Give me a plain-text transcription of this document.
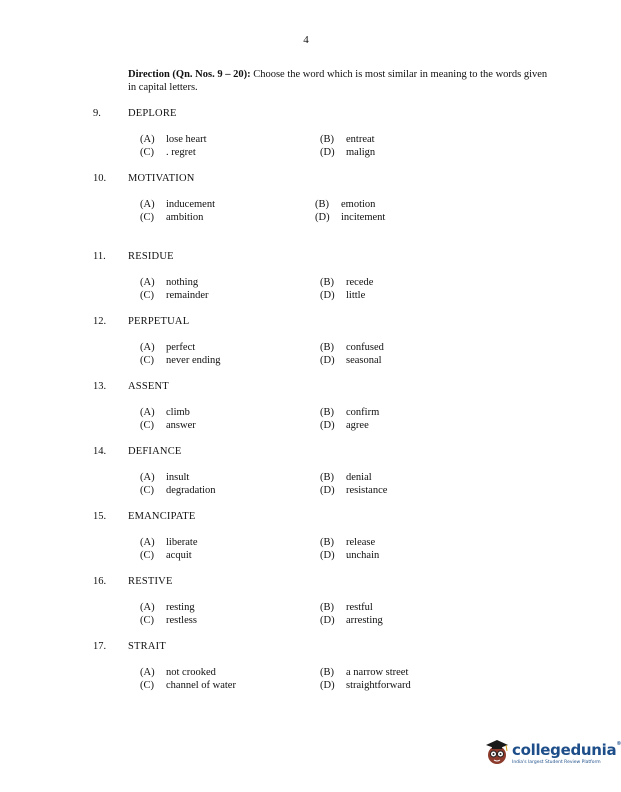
4
Direction (Qn. Nos. 9 – 20): Choose the word which is most similar in meaning to the words given in capital letters.
9.	DEPLORE
(A) lose heart	(B) entreat
(C) . regret	(D) malign
10. MOTIVATION
(A) inducement	(B) emotion
(C) ambition	(D) incitement
11. RESIDUE
(A) nothing	(B) recede
(C) remainder	(D) little
12. PERPETUAL
(A) perfect	(B) confused
(C) never ending	(D) seasonal
13. ASSENT
(A) climb	(B) confirm
(C) answer	(D) agree
14. DEFIANCE
(A) insult	(B) denial
(C) degradation	(D) resistance
15. EMANCIPATE
(A) liberate	(B) release
(C) acquit	(D) unchain
16. RESTIVE
(A) resting	(B) restful
(C) restless	(D) arresting
17. STRAIT
(A) not crooked	(B) a narrow street
(C) channel of water	(D) straightforward
collegedunia®
India's largest Student Review Platform
